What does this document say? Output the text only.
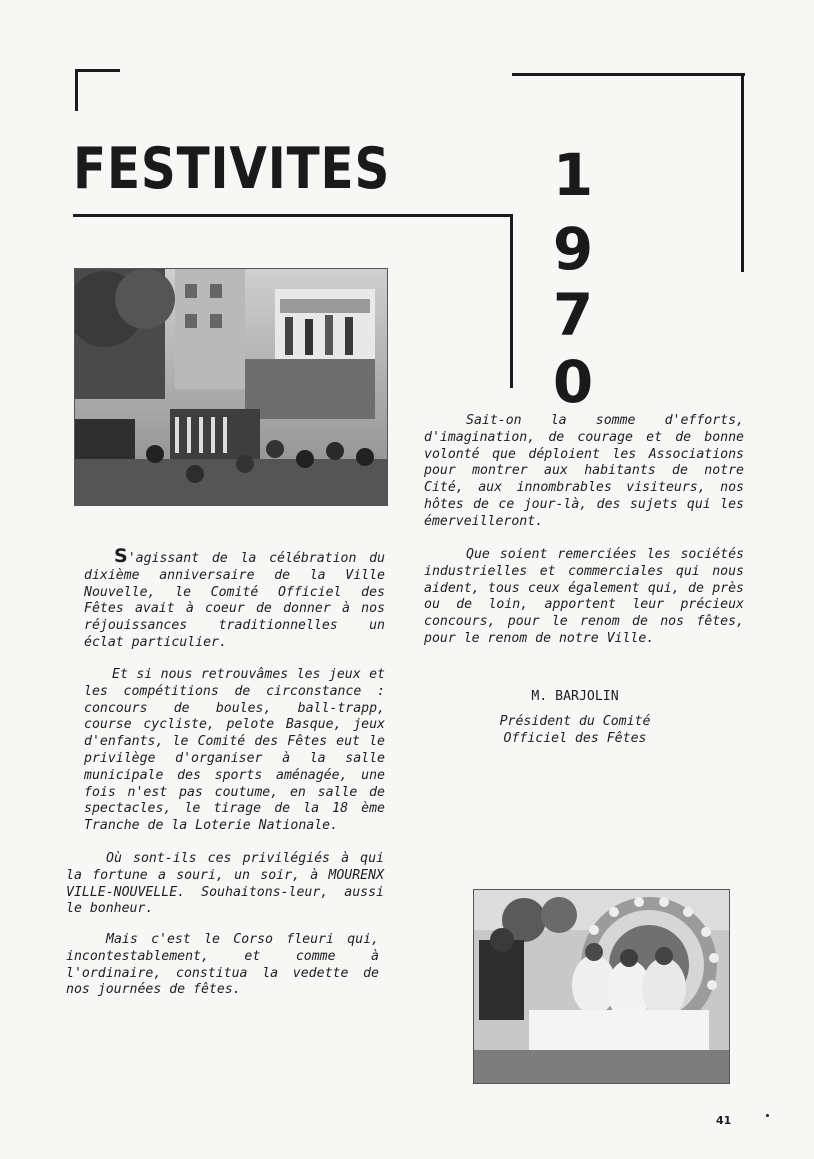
FESTIVITES	1
9
7
0

S'agissant de la célébration du dixième anniversaire de la Ville Nouvelle, le Comité Officiel des Fêtes avait à coeur de donner à nos réjouissances traditionnelles un éclat particulier.

Et si nous retrouvâmes les jeux et les compétitions de circonstance : concours de boules, ball-trapp, course cycliste, pelote Basque, jeux d'enfants, le Comité des Fêtes eut le privilège d'organiser à la salle municipale des sports aménagée, une fois n'est pas coutume, en salle de spectacles, le tirage de la 18 ème Tranche de la Loterie Nationale.

Où sont-ils ces privilégiés à qui la fortune a souri, un soir, à MOURENX VILLE-NOUVELLE. Souhaitons-leur, aussi le bonheur.

Mais c'est le Corso fleuri qui, incontestablement, et comme à l'ordinaire, constitua la vedette de nos journées de fêtes.

Sait-on la somme d'efforts, d'imagination, de courage et de bonne volonté que déploient les Associations pour montrer aux habitants de notre Cité, aux innombrables visiteurs, nos hôtes de ce jour-là, des sujets qui les émerveilleront.

Que soient remerciées les sociétés industrielles et commerciales qui nous aident, tous ceux également qui, de près ou de loin, apportent leur précieux concours, pour le renom de nos fêtes, pour le renom de notre Ville.

M. BARJOLIN

Président du Comité

Officiel des Fêtes

41
